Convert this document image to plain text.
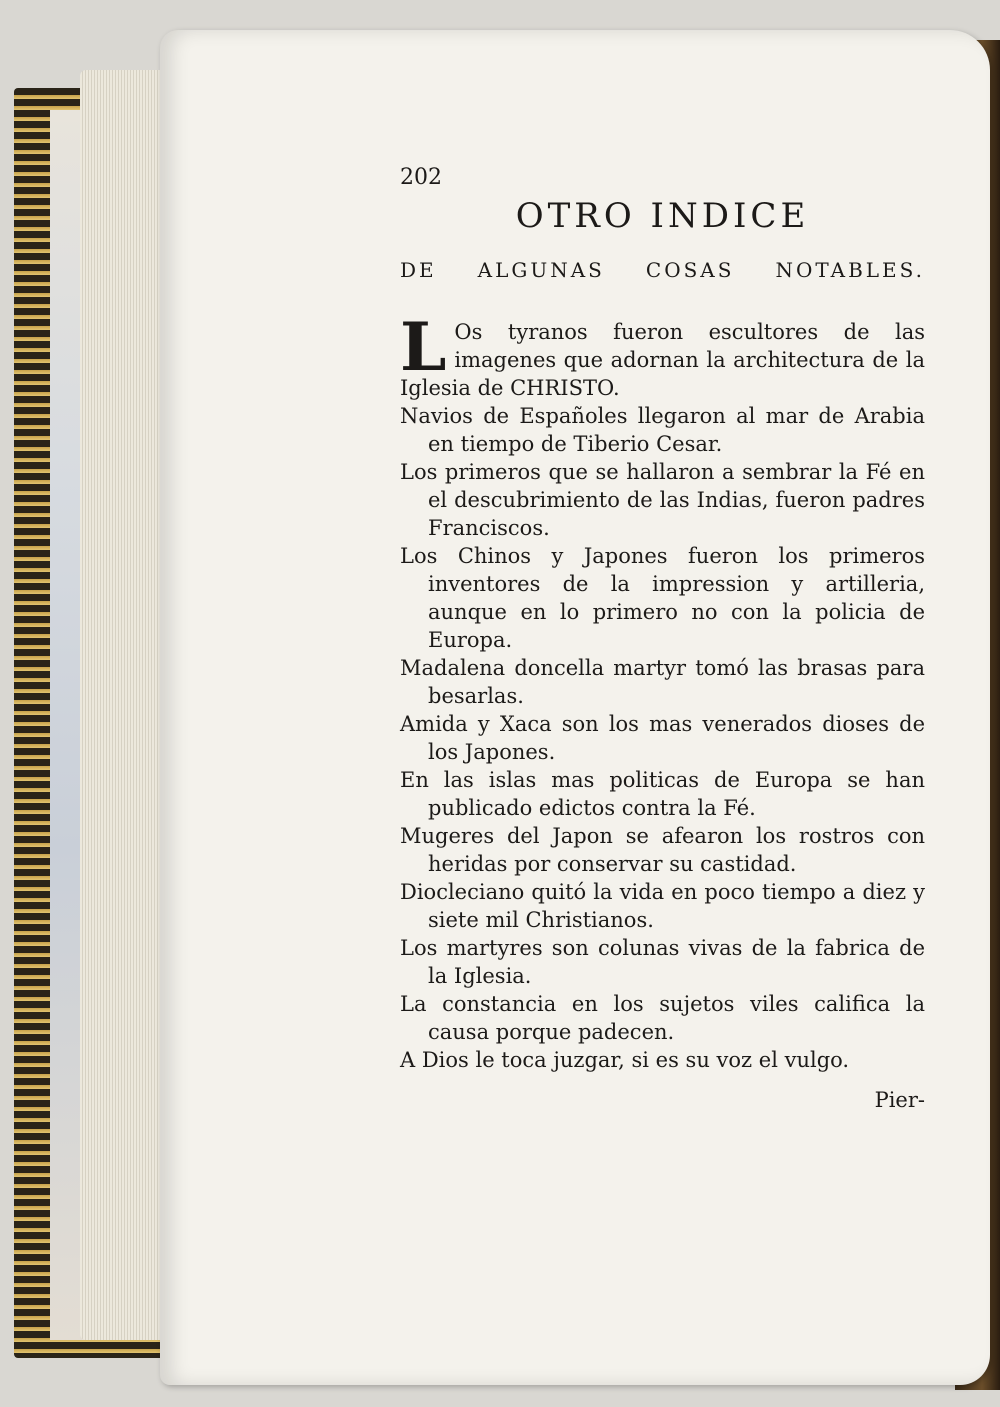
202
OTRO INDICE
DE ALGUNAS COSAS NOTABLES.

L Os tyranos fueron escultores de las imagenes que adornan la architectura de la Iglesia de CHRISTO.

Navios de Españoles llegaron al mar de Arabia en tiempo de Tiberio Cesar.

Los primeros que se hallaron a sembrar la Fé en el descubrimiento de las Indias, fueron padres Franciscos.

Los Chinos y Japones fueron los primeros inventores de la impression y artilleria, aunque en lo primero no con la policia de Europa.

Madalena doncella martyr tomó las brasas para besarlas.

Amida y Xaca son los mas venerados dioses de los Japones.

En las islas mas politicas de Europa se han publicado edictos contra la Fé.

Mugeres del Japon se afearon los rostros con heridas por conservar su castidad.

Diocleciano quitó la vida en poco tiempo a diez y siete mil Christianos.

Los martyres son colunas vivas de la fabrica de la Iglesia.

La constancia en los sujetos viles califica la causa porque padecen.

A Dios le toca juzgar, si es su voz el vulgo.

Pier-
